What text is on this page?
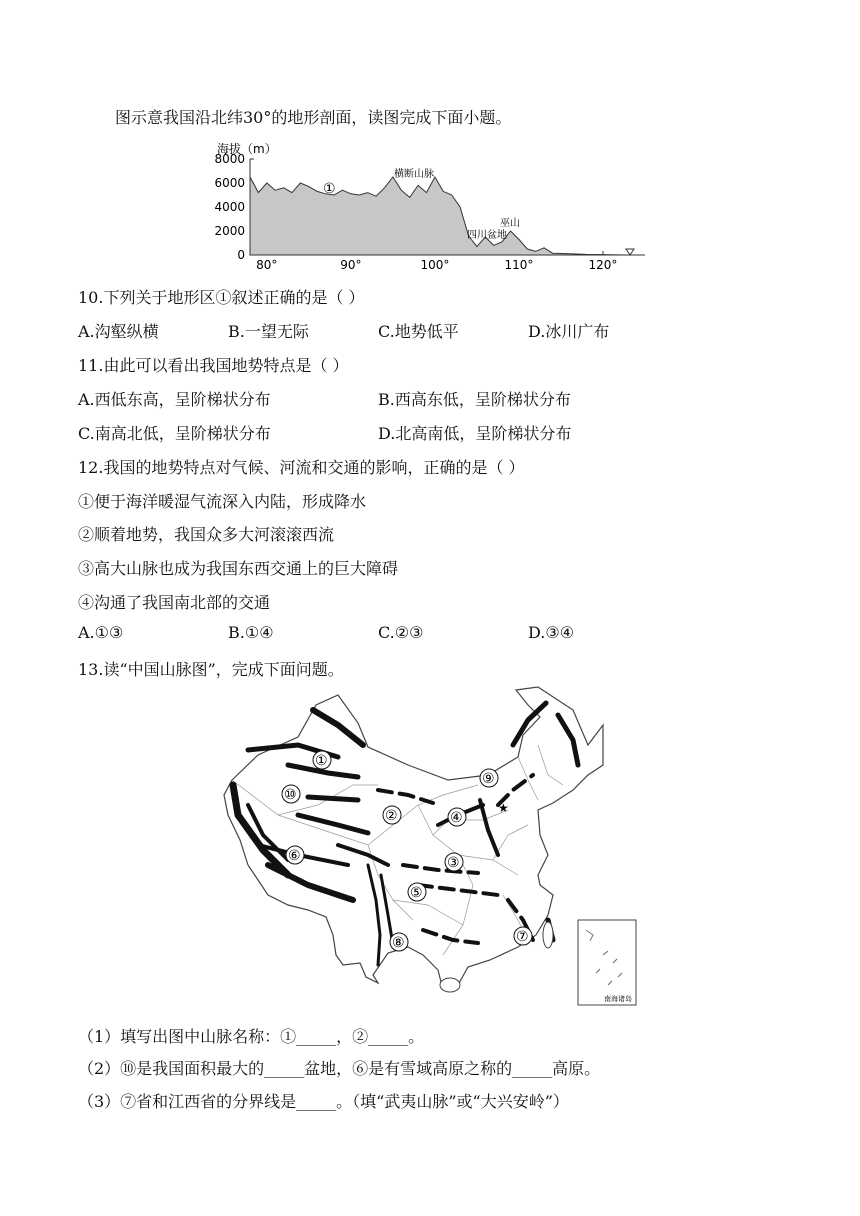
图示意我国沿北纬30°的地形剖面，读图完成下面小题。
海拔（m）
8000
6000
4000
2000
0
80°	90°	100°	110°	120°
①
横断山脉
四川盆地
巫山
10.下列关于地形区①叙述正确的是（ ）
A.沟壑纵横	B.一望无际	C.地势低平	D.冰川广布
11.由此可以看出我国地势特点是（ ）
A.西低东高，呈阶梯状分布	B.西高东低，呈阶梯状分布
C.南高北低，呈阶梯状分布	D.北高南低，呈阶梯状分布
12.我国的地势特点对气候、河流和交通的影响，正确的是（ ）
①便于海洋暖湿气流深入内陆，形成降水
②顺着地势，我国众多大河滚滚西流
③高大山脉也成为我国东西交通上的巨大障碍
④沟通了我国南北部的交通
A.①③	B.①④	C.②③	D.③④
13.读“中国山脉图”，完成下面问题。
★
①
②
③
④
⑤
⑥
⑦
⑧
⑨
⑩
南海诸岛
（1）填写出图中山脉名称：①_____，②_____。
（2）⑩是我国面积最大的_____盆地，⑥是有雪域高原之称的_____高原。
（3）⑦省和江西省的分界线是_____。（填“武夷山脉”或“大兴安岭”）
